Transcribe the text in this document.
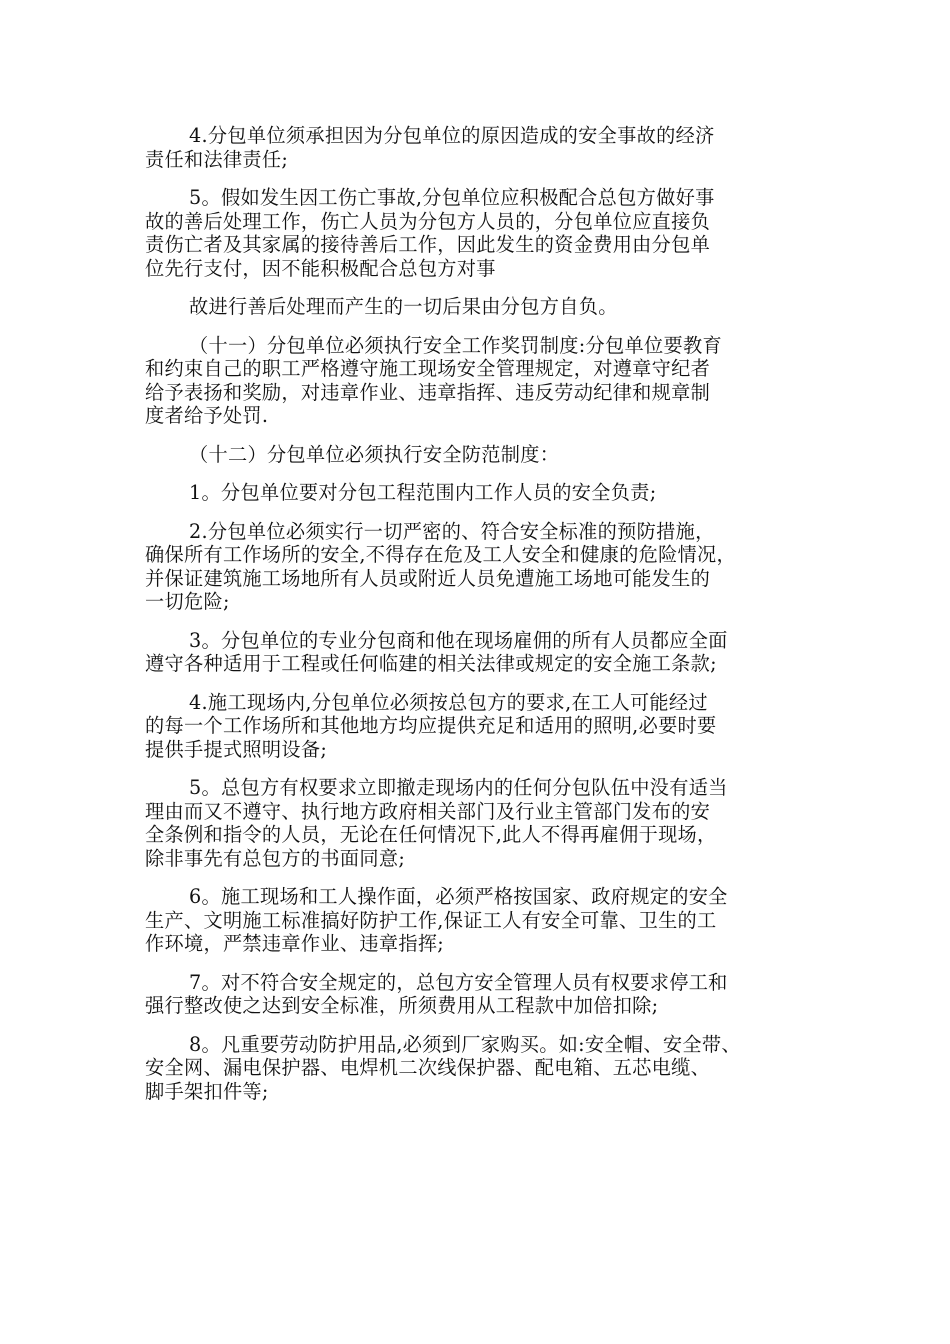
4.分包单位须承担因为分包单位的原因造成的安全事故的经济
责任和法律责任;
5。假如发生因工伤亡事故,分包单位应积极配合总包方做好事
故的善后处理工作，伤亡人员为分包方人员的，分包单位应直接负
责伤亡者及其家属的接待善后工作，因此发生的资金费用由分包单
位先行支付，因不能积极配合总包方对事
故进行善后处理而产生的一切后果由分包方自负。
（十一）分包单位必须执行安全工作奖罚制度:分包单位要教育
和约束自己的职工严格遵守施工现场安全管理规定，对遵章守纪者
给予表扬和奖励，对违章作业、违章指挥、违反劳动纪律和规章制
度者给予处罚.
（十二）分包单位必须执行安全防范制度：
1。分包单位要对分包工程范围内工作人员的安全负责;
2.分包单位必须实行一切严密的、符合安全标准的预防措施，
确保所有工作场所的安全,不得存在危及工人安全和健康的危险情况，
并保证建筑施工场地所有人员或附近人员免遭施工场地可能发生的
一切危险;
3。分包单位的专业分包商和他在现场雇佣的所有人员都应全面
遵守各种适用于工程或任何临建的相关法律或规定的安全施工条款;
4.施工现场内,分包单位必须按总包方的要求,在工人可能经过
的每一个工作场所和其他地方均应提供充足和适用的照明,必要时要
提供手提式照明设备;
5。总包方有权要求立即撤走现场内的任何分包队伍中没有适当
理由而又不遵守、执行地方政府相关部门及行业主管部门发布的安
全条例和指令的人员，无论在任何情况下,此人不得再雇佣于现场，
除非事先有总包方的书面同意;
6。施工现场和工人操作面，必须严格按国家、政府规定的安全
生产、文明施工标准搞好防护工作,保证工人有安全可靠、卫生的工
作环境，严禁违章作业、违章指挥;
7。对不符合安全规定的，总包方安全管理人员有权要求停工和
强行整改使之达到安全标准，所须费用从工程款中加倍扣除;
8。凡重要劳动防护用品,必须到厂家购买。如:安全帽、安全带、
安全网、漏电保护器、电焊机二次线保护器、配电箱、五芯电缆、
脚手架扣件等;
